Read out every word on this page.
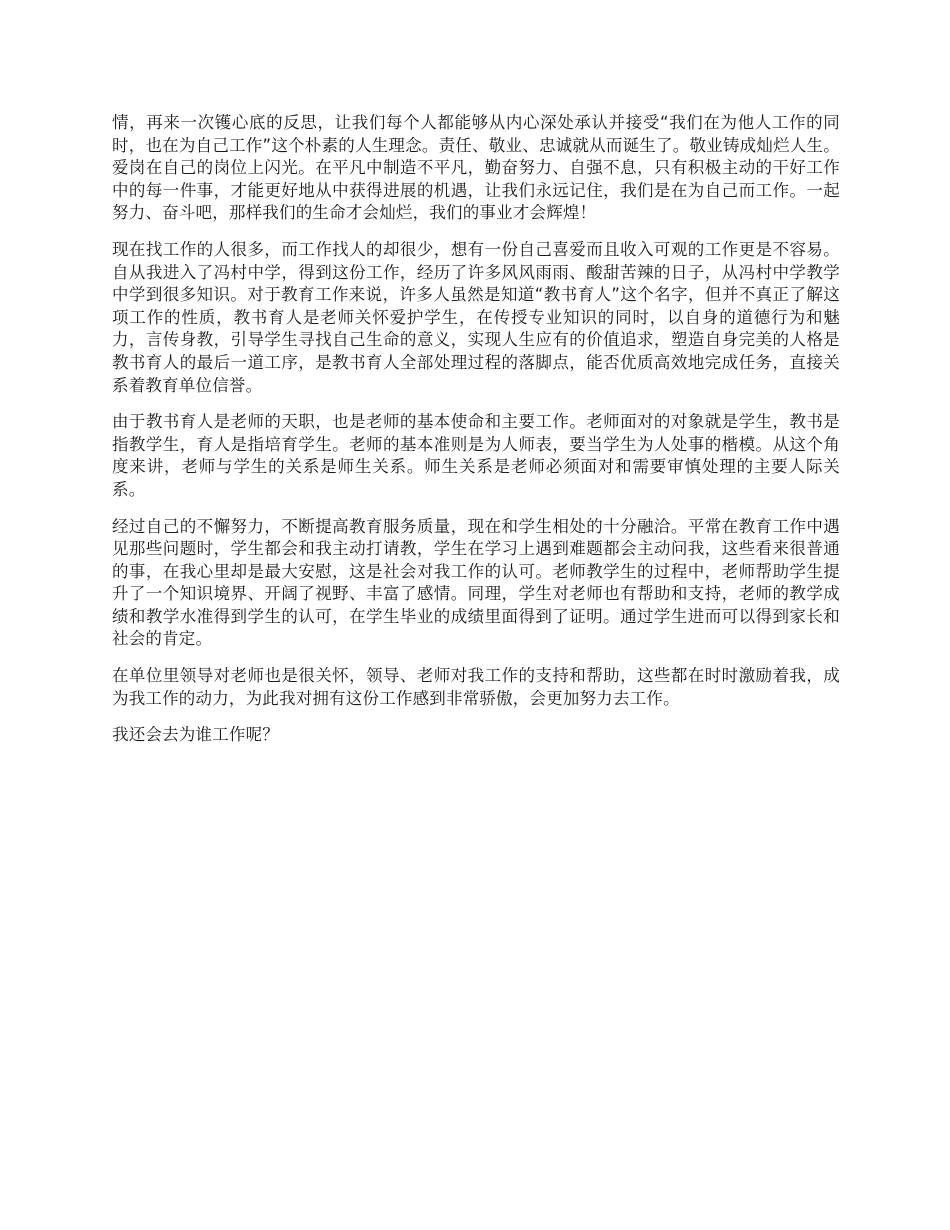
情，再来一次镬心底的反思，让我们每个人都能够从内心深处承认并接受“我们在为他人工作的同时，也在为自己工作”这个朴素的人生理念。责任、敬业、忠诚就从而诞生了。敬业铸成灿烂人生。爱岗在自己的岗位上闪光。在平凡中制造不平凡，勤奋努力、自强不息，只有积极主动的干好工作中的每一件事，才能更好地从中获得进展的机遇，让我们永远记住，我们是在为自己而工作。一起努力、奋斗吧，那样我们的生命才会灿烂，我们的事业才会辉煌！

现在找工作的人很多，而工作找人的却很少，想有一份自己喜爱而且收入可观的工作更是不容易。自从我进入了冯村中学，得到这份工作，经历了许多风风雨雨、酸甜苦辣的日子，从冯村中学教学中学到很多知识。对于教育工作来说，许多人虽然是知道“教书育人”这个名字，但并不真正了解这项工作的性质，教书育人是老师关怀爱护学生，在传授专业知识的同时，以自身的道德行为和魅力，言传身教，引导学生寻找自己生命的意义，实现人生应有的价值追求，塑造自身完美的人格是教书育人的最后一道工序，是教书育人全部处理过程的落脚点，能否优质高效地完成任务，直接关系着教育单位信誉。

由于教书育人是老师的天职，也是老师的基本使命和主要工作。老师面对的对象就是学生，教书是指教学生，育人是指培育学生。老师的基本准则是为人师表，要当学生为人处事的楷模。从这个角度来讲，老师与学生的关系是师生关系。师生关系是老师必须面对和需要审慎处理的主要人际关系。

经过自己的不懈努力，不断提高教育服务质量，现在和学生相处的十分融洽。平常在教育工作中遇见那些问题时，学生都会和我主动打请教，学生在学习上遇到难题都会主动问我，这些看来很普通的事，在我心里却是最大安慰，这是社会对我工作的认可。老师教学生的过程中，老师帮助学生提升了一个知识境界、开阔了视野、丰富了感情。同理，学生对老师也有帮助和支持，老师的教学成绩和教学水准得到学生的认可，在学生毕业的成绩里面得到了证明。通过学生进而可以得到家长和社会的肯定。

在单位里领导对老师也是很关怀，领导、老师对我工作的支持和帮助，这些都在时时激励着我，成为我工作的动力，为此我对拥有这份工作感到非常骄傲，会更加努力去工作。

我还会去为谁工作呢？
